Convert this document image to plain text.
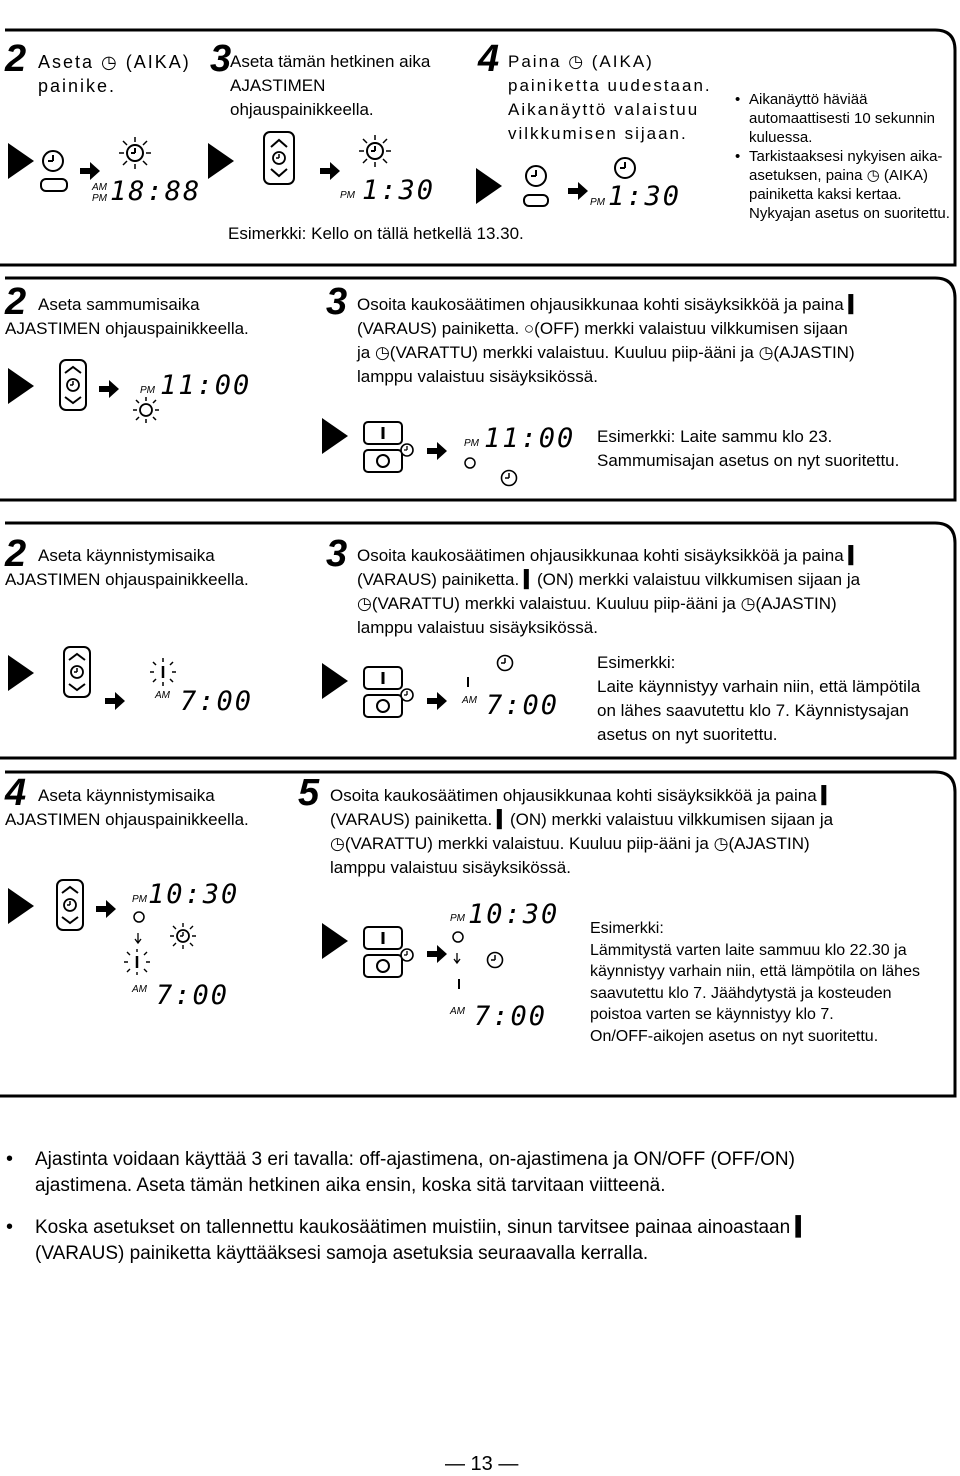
2 Aseta ◷ (AIKA) painike.
3
Aseta tämän hetkinen aika AJASTIMEN ohjauspainikkeella.
4 Paina ◷ (AIKA) painiketta uudestaan. Aikanäyttö valaistuu vilkkumisen sijaan.
• Aikanäyttö häviää automaattisesti 10 sekunnin kuluessa.
• Tarkistaaksesi nykyisen aika-asetuksen, paina ◷ (AIKA) painiketta kaksi kertaa. Nykyajan asetus on suoritettu.
AM
PM 18:88	PM 1:30
Esimerkki: Kello on tällä hetkellä 13.30.
PM 1:30
2 Aseta sammumisaika
AJASTIMEN ohjauspainikkeella.
PM 11:00
3 Osoita kaukosäätimen ohjausikkunaa kohti sisäyksikköä ja paina ▍
(VARAUS) painiketta. ○(OFF) merkki valaistuu vilkkumisen sijaan
ja ◷(VARATTU) merkki valaistuu. Kuuluu piip-ääni ja ◷(AJASTIN)
lamppu valaistuu sisäyksikössä.
PM 11:00 Esimerkki: Laite sammu klo 23.
Sammumisajan asetus on nyt suoritettu.
2 Aseta käynnistymisaika
AJASTIMEN ohjauspainikkeella.
AM 7:00
3 Osoita kaukosäätimen ohjausikkunaa kohti sisäyksikköä ja paina ▍
(VARAUS) painiketta. ▍(ON) merkki valaistuu vilkkumisen sijaan ja
◷(VARATTU) merkki valaistuu. Kuuluu piip-ääni ja ◷(AJASTIN)
lamppu valaistuu sisäyksikössä.
AM 7:00
Esimerkki:
Laite käynnistyy varhain niin, että lämpötila
on lähes saavutettu klo 7. Käynnistysajan
asetus on nyt suoritettu.
4 Aseta käynnistymisaika
AJASTIMEN ohjauspainikkeella.
PM 10:30
AM 7:00
5 Osoita kaukosäätimen ohjausikkunaa kohti sisäyksikköä ja paina ▍
(VARAUS) painiketta. ▍(ON) merkki valaistuu vilkkumisen sijaan ja
◷(VARATTU) merkki valaistuu. Kuuluu piip-ääni ja ◷(AJASTIN)
lamppu valaistuu sisäyksikössä.
PM 10:30
AM 7:00
Esimerkki:
Lämmitystä varten laite sammuu klo 22.30 ja
käynnistyy varhain niin, että lämpötila on lähes
saavutettu klo 7. Jäähdytystä ja kosteuden
poistoa varten se käynnistyy klo 7.
On/OFF-aikojen asetus on nyt suoritettu.
• Ajastinta voidaan käyttää 3 eri tavalla: off-ajastimena, on-ajastimena ja ON/OFF (OFF/ON)
ajastimena. Aseta tämän hetkinen aika ensin, koska sitä tarvitaan viitteenä.
• Koska asetukset on tallennettu kaukosäätimen muistiin, sinun tarvitsee painaa ainoastaan ▍
(VARAUS) painiketta käyttääksesi samoja asetuksia seuraavalla kerralla.
— 13 —
